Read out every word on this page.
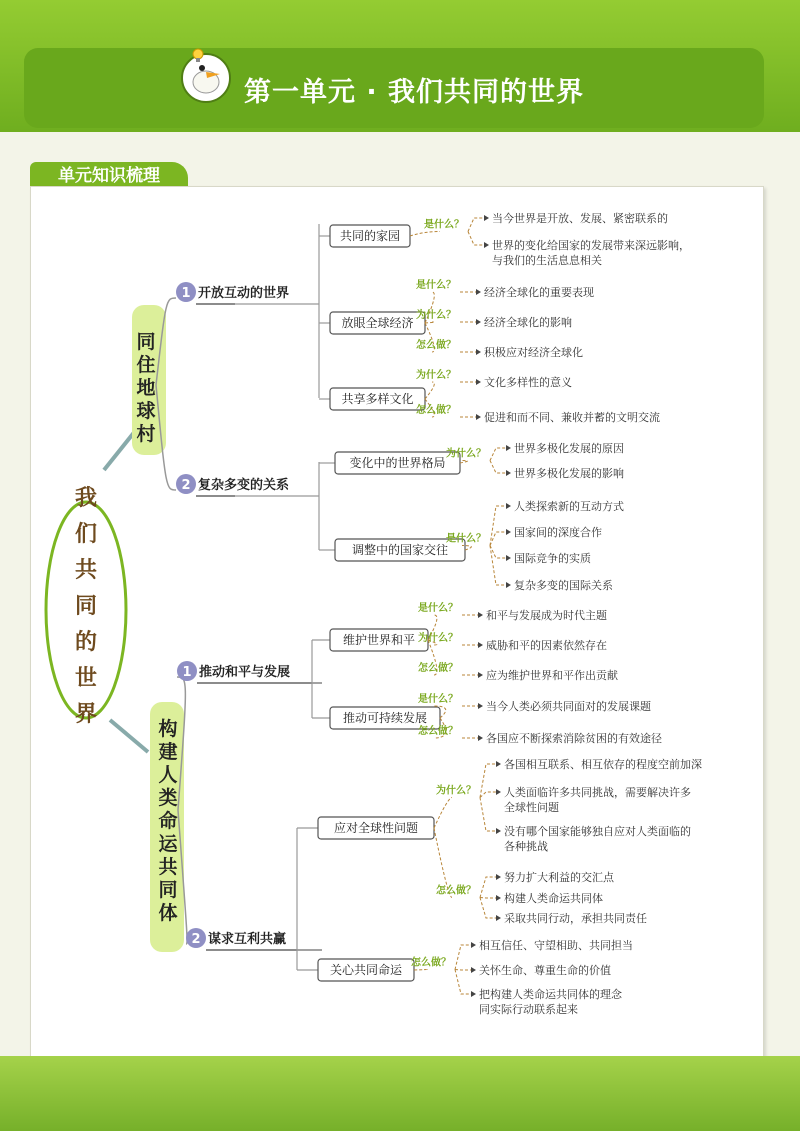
第一单元 · 我们共同的世界
单元知识梳理
我们共同的世界
同住地球村
1 开放互动的世界
共同的家园
是什么？	当今世界是开放、发展、紧密联系的
世界的变化给国家的发展带来深远影响，与我们的生活息息相关
放眼全球经济
是什么？
经济全球化的重要表现
为什么？
经济全球化的影响
怎么做？
积极应对经济全球化
共享多样文化
为什么？
文化多样性的意义
怎么做？
促进和而不同、兼收并蓄的文明交流
2 复杂多变的关系
变化中的世界格局
为什么？	世界多极化发展的原因
世界多极化发展的影响
调整中的国家交往
是什么？
人类探索新的互动方式
国家间的深度合作
国际竞争的实质
复杂多变的国际关系
构建人类命运共同体
1 推动和平与发展
维护世界和平
是什么？
和平与发展成为时代主题
为什么？
威胁和平的因素依然存在
怎么做？
应为维护世界和平作出贡献
推动可持续发展
是什么？
当今人类必须共同面对的发展课题
怎么做？
各国应不断探索消除贫困的有效途径
2 谋求互利共赢
应对全球性问题
为什么？
各国相互联系、相互依存的程度空前加深
人类面临许多共同挑战，需要解决许多全球性问题
没有哪个国家能够独自应对人类面临的各种挑战
怎么做？
努力扩大利益的交汇点
构建人类命运共同体
采取共同行动，承担共同责任
关心共同命运 怎么做？
相互信任、守望相助、共同担当
关怀生命、尊重生命的价值
把构建人类命运共同体的理念同实际行动联系起来
